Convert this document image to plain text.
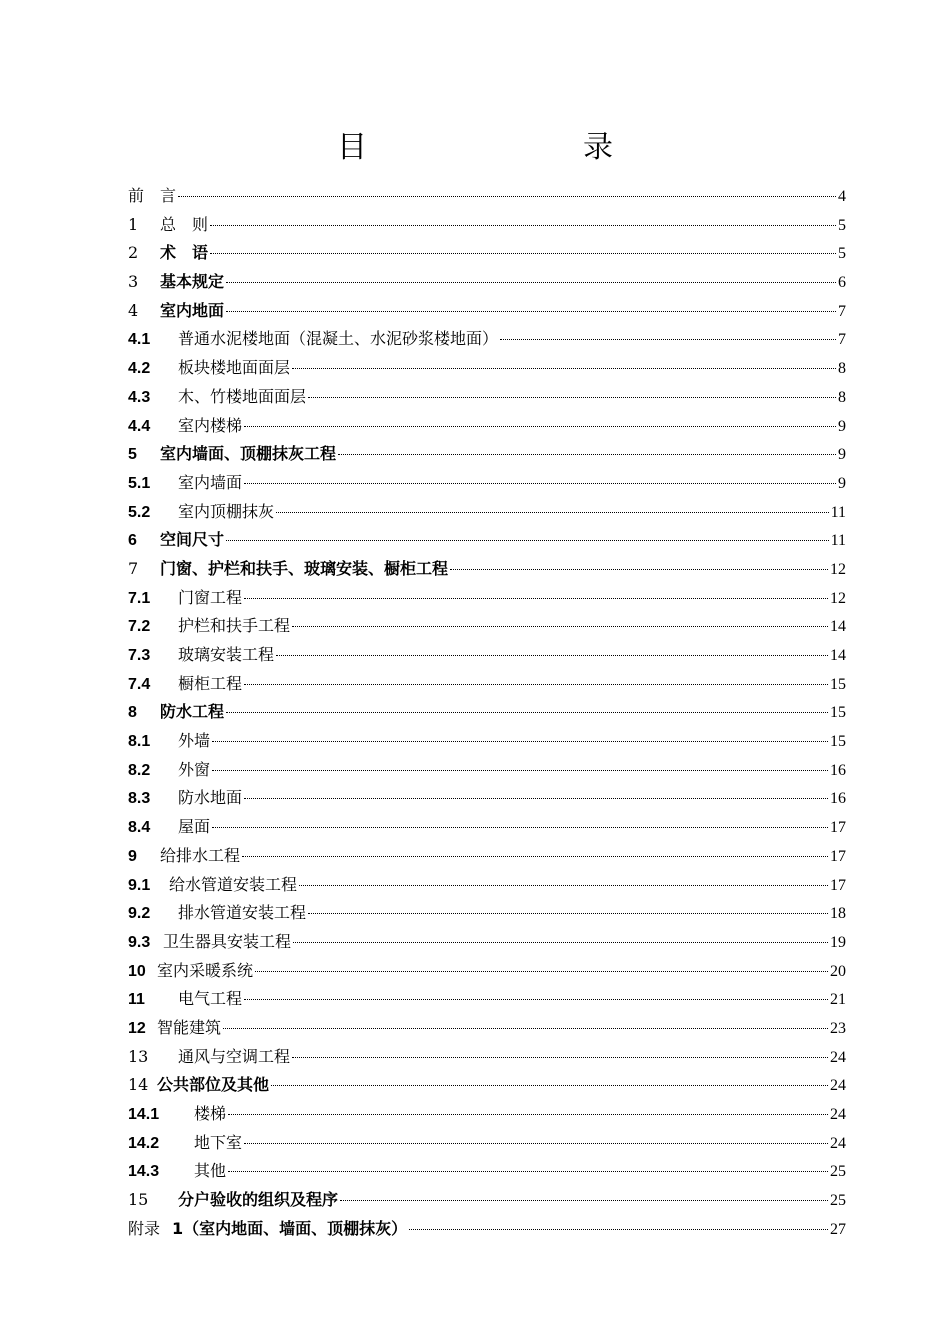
目　　录
前 言	4
1	总　则	5
2	术　语	5
3	基本规定	6
4	室内地面	7
4.1	普通水泥楼地面（混凝土、水泥砂浆楼地面）	7
4.2	板块楼地面面层	8
4.3	木、竹楼地面面层	8
4.4	室内楼梯	9
5	室内墙面、顶棚抹灰工程	9
5.1	室内墙面	9
5.2	室内顶棚抹灰	11
6	空间尺寸	11
7	门窗、护栏和扶手、玻璃安装、橱柜工程	12
7.1	门窗工程	12
7.2	护栏和扶手工程	14
7.3	玻璃安装工程	14
7.4	橱柜工程	15
8	防水工程	15
8.1	外墙	15
8.2	外窗	16
8.3	防水地面	16
8.4	屋面	17
9	给排水工程	17
9.1	给水管道安装工程	17
9.2	排水管道安装工程	18
9.3 卫生器具安装工程	19
10 室内采暖系统	20
11	电气工程	21
12 智能建筑	23
13	通风与空调工程	24
14 公共部位及其他	24
14.1	楼梯	24
14.2	地下室	24
14.3	其他	25
15	分户验收的组织及程序	25
附录 1（室内地面、墙面、顶棚抹灰）	27
